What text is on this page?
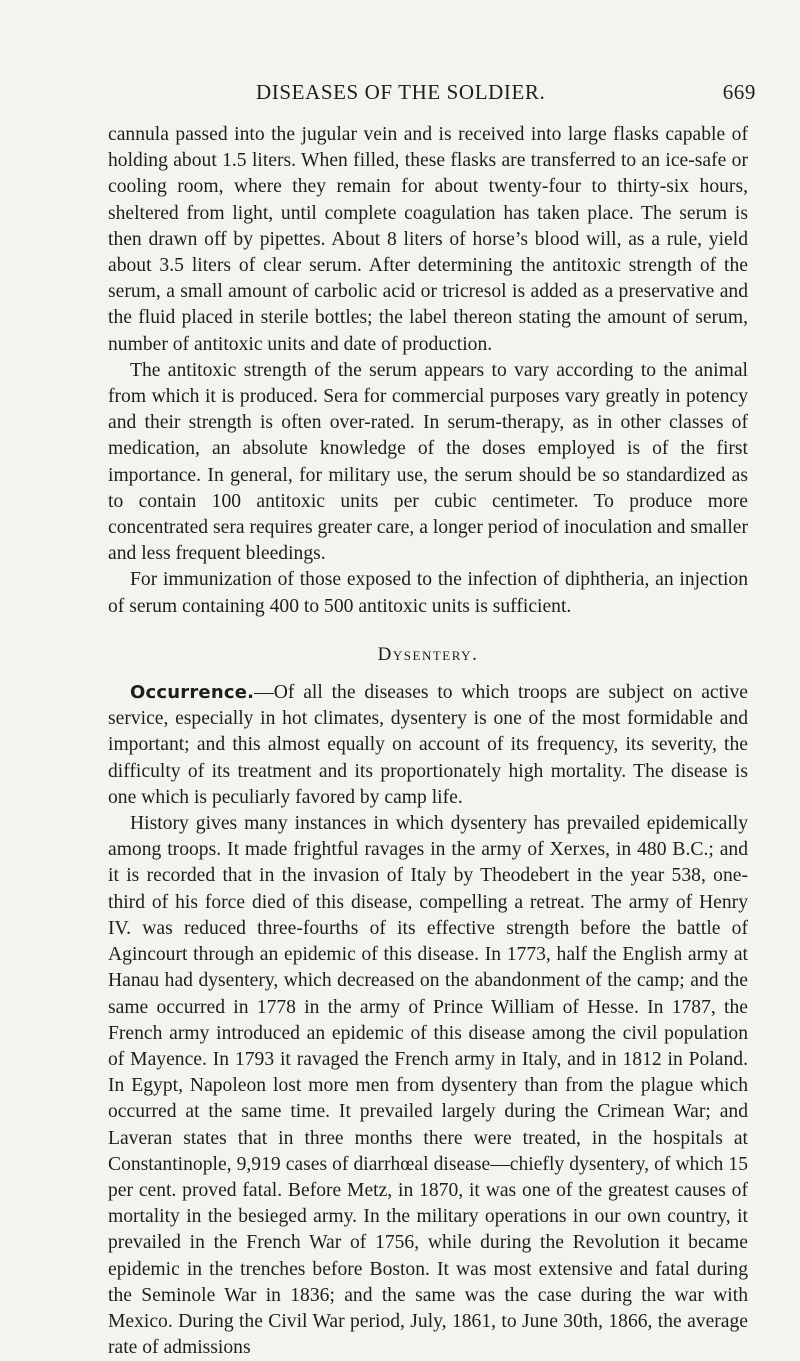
DISEASES OF THE SOLDIER.	669

cannula passed into the jugular vein and is received into large flasks capable of holding about 1.5 liters. When filled, these flasks are transferred to an ice-safe or cooling room, where they remain for about twenty-four to thirty-six hours, sheltered from light, until complete coagulation has taken place. The serum is then drawn off by pipettes. About 8 liters of horse’s blood will, as a rule, yield about 3.5 liters of clear serum. After determining the antitoxic strength of the serum, a small amount of carbolic acid or tricresol is added as a preservative and the fluid placed in sterile bottles; the label thereon stating the amount of serum, number of antitoxic units and date of production.

The antitoxic strength of the serum appears to vary according to the animal from which it is produced. Sera for commercial purposes vary greatly in potency and their strength is often over-rated. In serum-therapy, as in other classes of medication, an absolute knowledge of the doses employed is of the first importance. In general, for military use, the serum should be so standardized as to contain 100 antitoxic units per cubic centimeter. To produce more concentrated sera requires greater care, a longer period of inoculation and smaller and less frequent bleedings.

For immunization of those exposed to the infection of diphtheria, an injection of serum containing 400 to 500 antitoxic units is sufficient.

Dysentery.

Occurrence.—Of all the diseases to which troops are subject on active service, especially in hot climates, dysentery is one of the most formidable and important; and this almost equally on account of its frequency, its severity, the difficulty of its treatment and its proportionately high mortality. The disease is one which is peculiarly favored by camp life.

History gives many instances in which dysentery has prevailed epidemically among troops. It made frightful ravages in the army of Xerxes, in 480 B.C.; and it is recorded that in the invasion of Italy by Theodebert in the year 538, one-third of his force died of this disease, compelling a retreat. The army of Henry IV. was reduced three-fourths of its effective strength before the battle of Agincourt through an epidemic of this disease. In 1773, half the English army at Hanau had dysentery, which decreased on the abandonment of the camp; and the same occurred in 1778 in the army of Prince William of Hesse. In 1787, the French army introduced an epidemic of this disease among the civil population of Mayence. In 1793 it ravaged the French army in Italy, and in 1812 in Poland. In Egypt, Napoleon lost more men from dysentery than from the plague which occurred at the same time. It prevailed largely during the Crimean War; and Laveran states that in three months there were treated, in the hospitals at Constantinople, 9,919 cases of diarrhœal disease—chiefly dysentery, of which 15 per cent. proved fatal. Before Metz, in 1870, it was one of the greatest causes of mortality in the besieged army. In the military operations in our own country, it prevailed in the French War of 1756, while during the Revolution it became epidemic in the trenches before Boston. It was most extensive and fatal during the Seminole War in 1836; and the same was the case during the war with Mexico. During the Civil War period, July, 1861, to June 30th, 1866, the average rate of admissions
